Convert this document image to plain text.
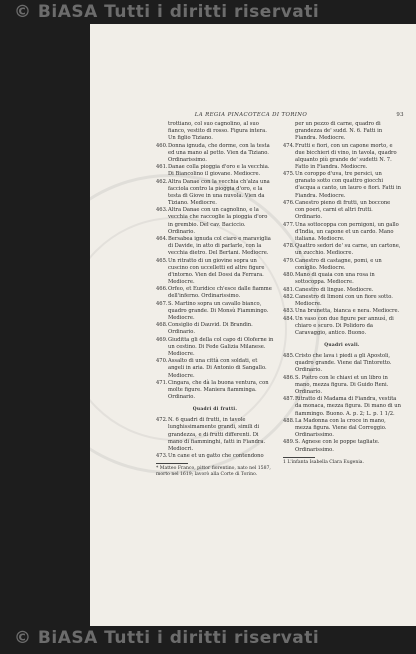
© BiASA Tutti i diritti riservati
LA REGIA PINACOTECA DI TORINO	93
trottiano, col suo cagnolino, al suo fianco, vestito di rosso. Figura intera. Un figlio Tiziano.
460. Donna ignuda, che dorme, con la testa ed una mano al petto. Vien da Tiziano. Ordinarissimo.
461. Danae colla pioggia d'oro e la vecchia. Di Biancolino il giovane. Mediocre.
462. Altra Danae con la vecchia ch'alza una facciola contro la pioggia d'oro, e la testa di Giove in una nuvola. Vien da Tiziano. Mediocre.
463. Altra Danae con un cagnolino, e la vecchia che raccoglie la pioggia d'oro in grembio. Del cav. Baciccio. Ordinario.
464. Bersabea ignuda col ciaro e maraviglia di Davide, in atto di parlarle, con la vecchia dietro. Del Bertani. Mediocre.
465. Un ritratto di un giovine sopra un cuscino con uccelletti ed altre figure d'intorno. Vien del Dossi da Ferrara. Mediocre.
466. Orfeo, et Euridice ch'esce dalle fiamme dell'inferno. Ordinarissimo.
467. S. Martino sopra un cavallo bianco, quadro grande. Di Monsù Fiammingo. Mediocre.
468. Consiglio di Dauvid. Di Brandin. Ordinario.
469. Giuditta gli della col capo di Oloferne in un cestino. Di Fede Galizia Milanese. Mediocre.
470. Assalto di una città con soldati, et angeli in aria. Di Antonio di Sangallo. Mediocre.
471. Cingara, che dà la buona ventura, con molte figure. Maniera fiamminga. Ordinario.
Quadri di frutti.
472. N. 6 quadri di frutti, in tavole lunghissimamente grandi, simili di grandezza, e di frutti differenti. Di mano di fiamminghi, fatti in Fiandra. Mediocri.
473. Un cane et un gatto che contendono
* Matteo Franco, pittor fiorentino, nato nel 1587, morto nel 1619; lavorò alla Corte di Torino.
per un pezzo di carne, quadro di grandezza de' sudd. N. 6. Fatti in Fiandra. Mediocre.
474. Frutti e fiori, con un capone morto, e due bicchieri di vino, in tavola, quadro alquanto più grande de' sudetti N. 7. Fatto in Fiandra. Mediocre.
475. Un coroppo d'uva, tre persici, un granato sotto con quattro giocchi d'acqua a canto, un lauro e fiori. Fatti in Fiandra. Mediocre.
476. Canestro pieno di frutti, un boccone con poeri, carni et altri frutti. Ordinario.
477. Una sottocoppa con pernigoni, un gallo d'India, un capone et un cardo. Mano italiana. Mediocre.
478. Quattro sedori de' su carne, un cartone, un zucchio. Mediocre.
479. Canestro di castagne, pomi, e un coniglio. Mediocre.
480. Mano di quaia con una rosa in sottocoppa. Mediocre.
481. Canestro di lingue. Mediocre.
482. Canestro di limoni con un fiore sotto. Mediocre.
483. Una brunetta, bianca e nera. Mediocre.
484. Un vaso con due figure per annusì, di chiaro e scuro. Di Polidoro da Caravaggio, antico. Buono.
Quadri ovali.
485. Cristo che lava i piedi a gli Apostoli, quadro grande. Viene dal Tintoretto. Ordinario.
486. S. Pietro con le chiavi et un libro in mano, mezza figura. Di Guido Reni. Ordinario.
487. Ritratto di Madama di Fiandra, vestita da monaca, mezza figura. Di mano di un fiammingo. Buono. A. p. 2; L. p. 1 1/2.
488. La Madonna con la croce in mano, mezza figura. Viene dal Correggio. Ordinarissimo.
489. S. Agnese con le poppe tagliate. Ordinarissimo.
1 L'infanta Isabella Clara Eugenia.
© BiASA Tutti i diritti riservati
